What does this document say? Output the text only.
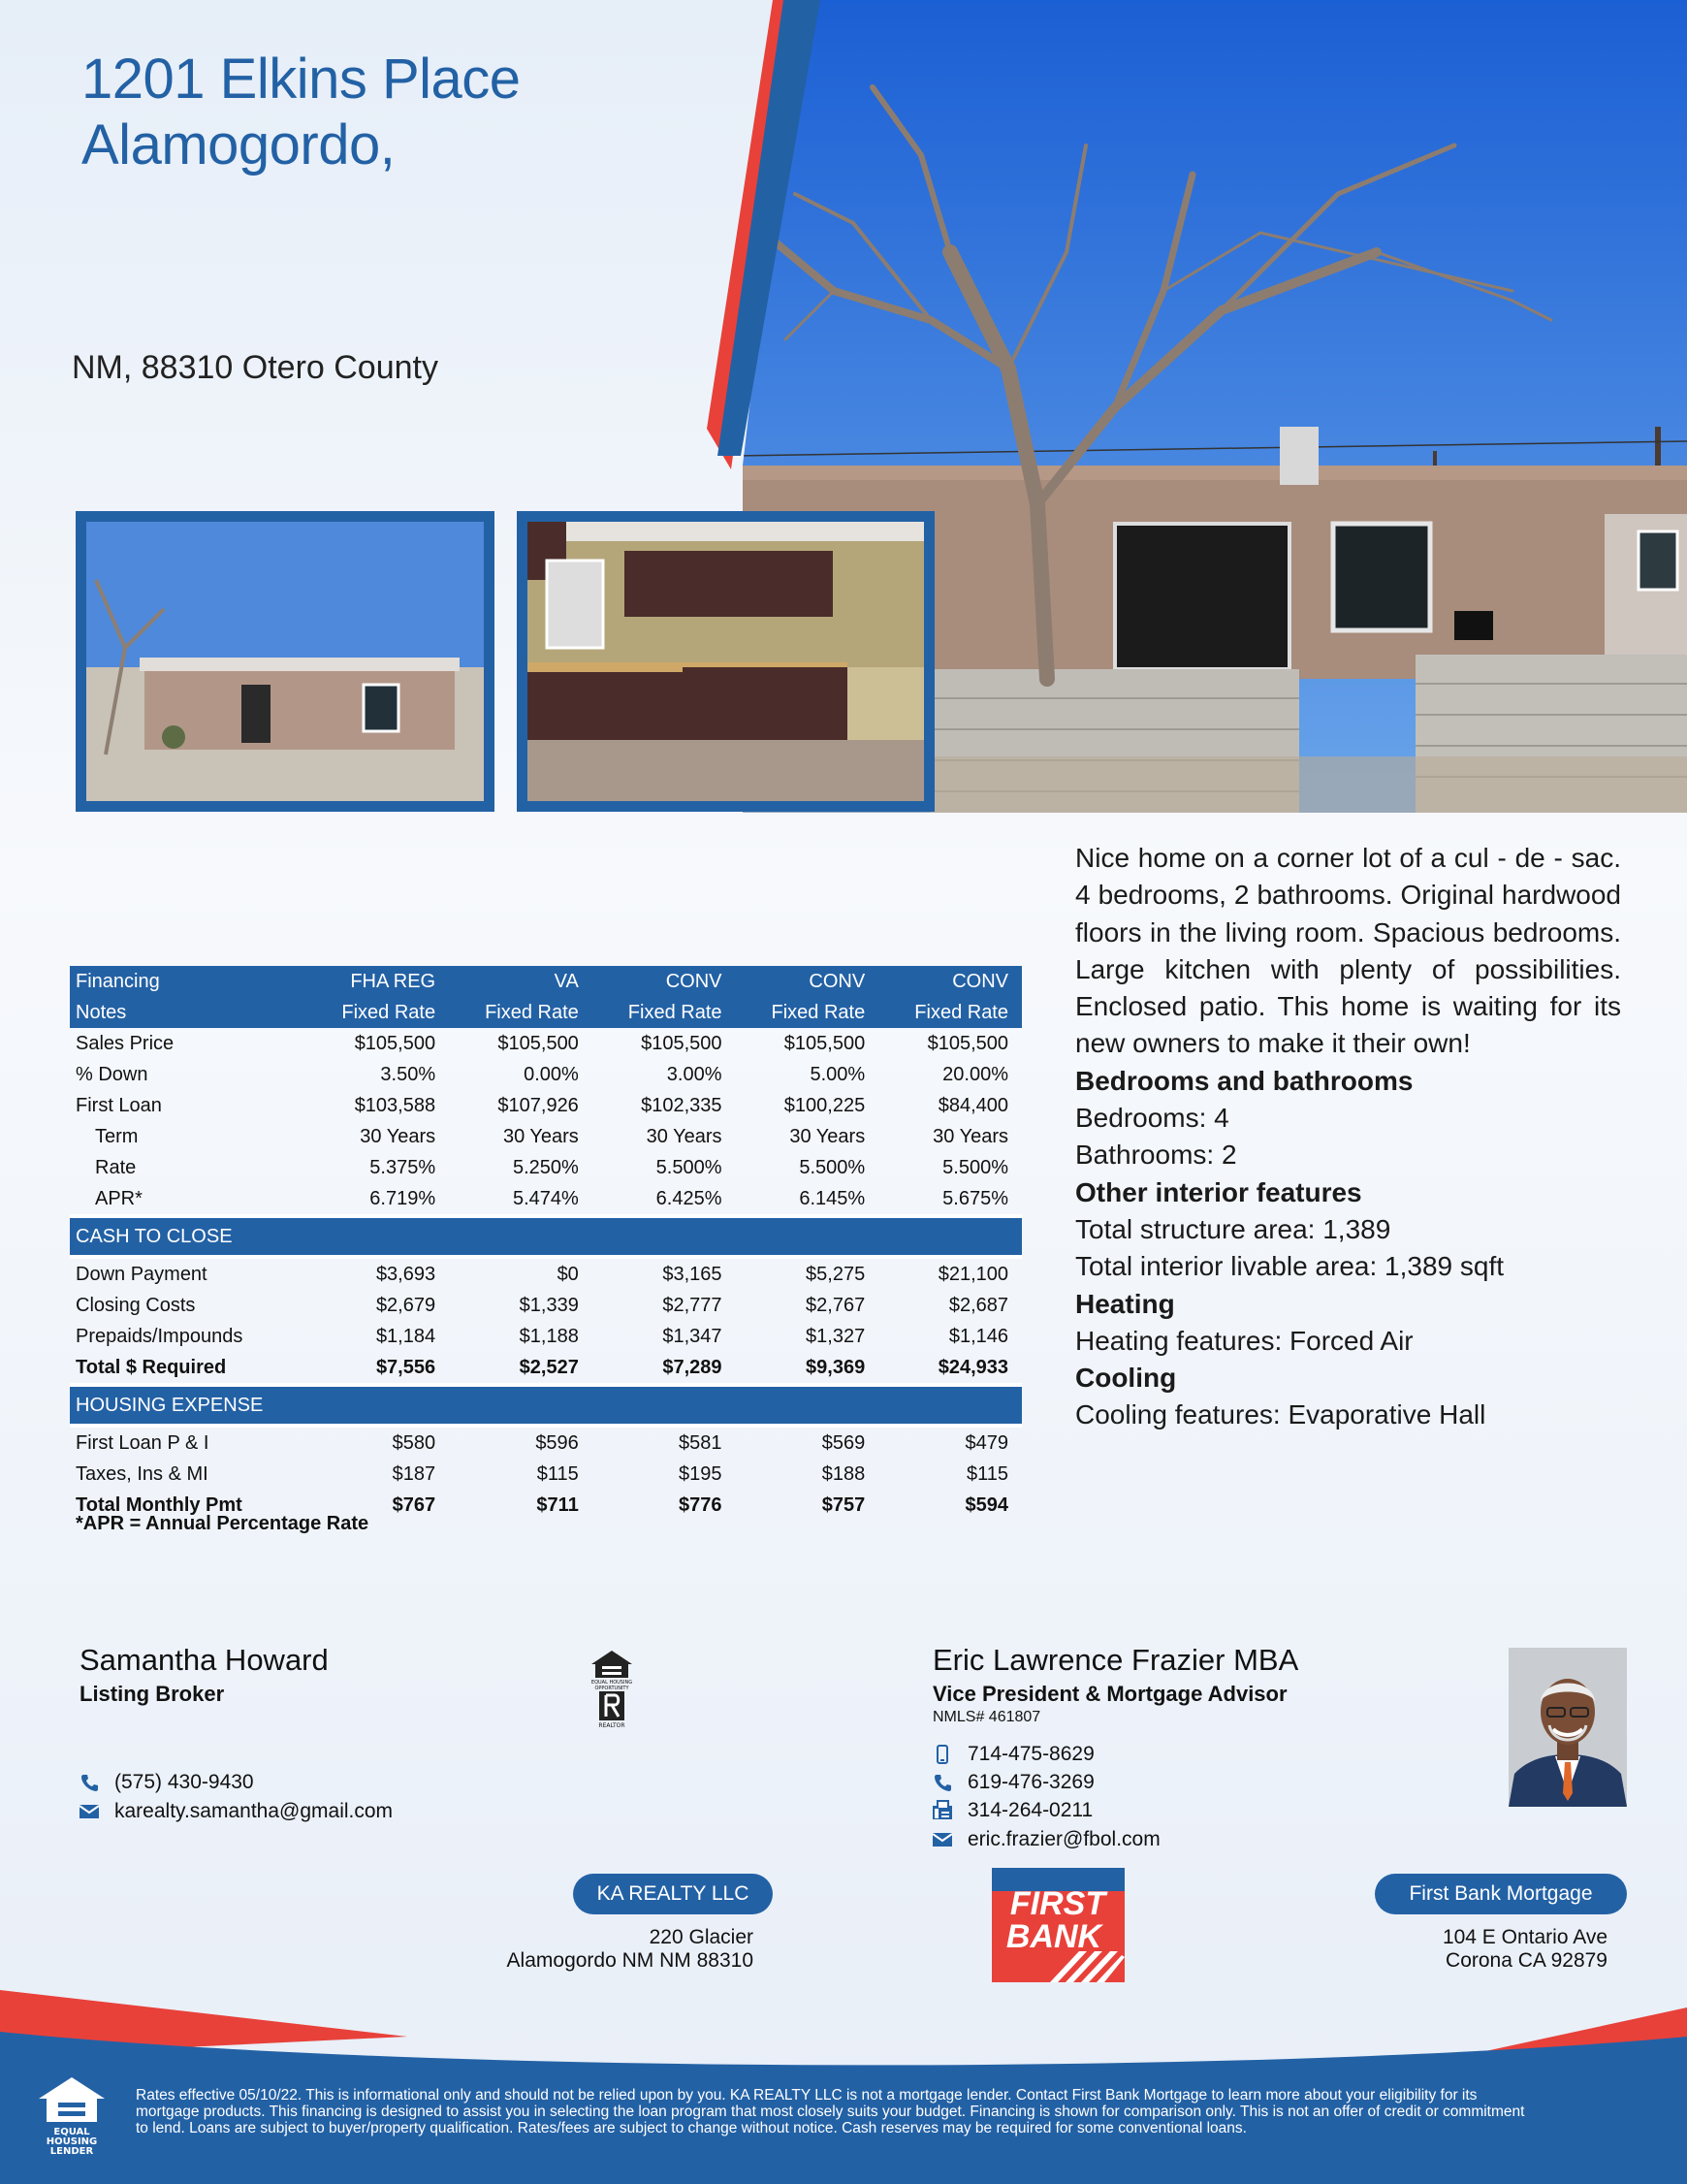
1201 Elkins Place
Alamogordo,
NM, 88310 Otero County

Nice home on a corner lot of a cul - de - sac. 4 bedrooms, 2 bathrooms. Original hardwood floors in the living room. Spacious bedrooms. Large kitchen with plenty of possibilities. Enclosed patio. This home is waiting for its new owners to make it their own!

Bedrooms and bathrooms
Bedrooms: 4
Bathrooms: 2
Other interior features
Total structure area: 1,389
Total interior livable area: 1,389 sqft
Heating
Heating features: Forced Air
Cooling
Cooling features: Evaporative Hall
Financing	FHA REG	VA	CONV	CONV	CONV
Notes	Fixed Rate	Fixed Rate	Fixed Rate	Fixed Rate	Fixed Rate
Sales Price	$105,500	$105,500	$105,500	$105,500	$105,500
% Down	3.50%	0.00%	3.00%	5.00%	20.00%
First Loan	$103,588	$107,926	$102,335	$100,225	$84,400
Term	30 Years	30 Years	30 Years	30 Years	30 Years
Rate	5.375%	5.250%	5.500%	5.500%	5.500%
APR*	6.719%	5.474%	6.425%	6.145%	5.675%
CASH TO CLOSE					
Down Payment	$3,693	$0	$3,165	$5,275	$21,100
Closing Costs	$2,679	$1,339	$2,777	$2,767	$2,687
Prepaids/Impounds	$1,184	$1,188	$1,347	$1,327	$1,146
Total $ Required	$7,556	$2,527	$7,289	$9,369	$24,933
HOUSING EXPENSE					
First Loan P & I	$580	$596	$581	$569	$479
Taxes, Ins & MI	$187	$115	$195	$188	$115
Total Monthly Pmt	$767	$711	$776	$757	$594
*APR = Annual Percentage Rate
Samantha Howard
Listing Broker
(575) 430-9430
karealty.samantha@gmail.com
EQUAL HOUSING OPPORTUNITY
REALTOR
Eric Lawrence Frazier MBA
Vice President & Mortgage Advisor
NMLS# 461807
714-475-8629
619-476-3269
314-264-0211
eric.frazier@fbol.com
KA REALTY LLC
220 Glacier
Alamogordo NM NM 88310
First Bank Mortgage
104 E Ontario Ave
Corona CA 92879
FIRST
BANK
EQUAL HOUSING
LENDER
Rates effective 05/10/22. This is informational only and should not be relied upon by you. KA REALTY LLC is not a mortgage lender. Contact First Bank Mortgage to learn more about your eligibility for its mortgage products. This financing is designed to assist you in selecting the loan program that most closely suits your budget. Financing is shown for comparison only. This is not an offer of credit or commitment to lend. Loans are subject to buyer/property qualification. Rates/fees are subject to change without notice. Cash reserves may be required for some conventional loans.
